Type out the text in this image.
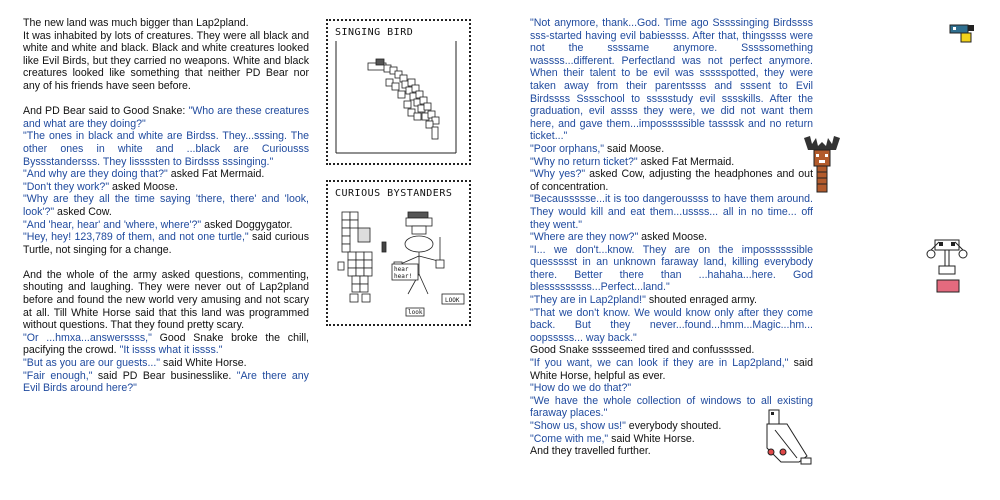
The new land was much bigger than Lap2pland.

It was inhabited by lots of creatures. They were all black and white and white and black. Black and white creatures looked like Evil Birds, but they carried no weapons. White and black creatures looked like something that neither PD Bear nor any of his friends have seen before.

And PD Bear said to Good Snake: "Who are these creatures and what are they doing?"

"The ones in black and white are Birdss. They...sssing. The other ones in white and ...black are Curiousss Byssstandersss. They lissssten to Birdsss sssinging."

"And why are they doing that?" asked Fat Mermaid.

"Don't they work?" asked Moose.

"Why are they all the time saying 'there, there' and 'look, look'?" asked Cow.

"And 'hear, hear' and 'where, where'?" asked Doggygator.

"Hey, hey! 123,789 of them, and not one turtle," said curious Turtle, not singing for a change.

And the whole of the army asked questions, commenting, shouting and laughing. They were never out of Lap2pland before and found the new world very amusing and not scary at all. Till White Horse said that this land was programmed without questions. That they found pretty scary.

"Or ...hmxa...answerssss," Good Snake broke the chill, pacifying the crowd. "It issss what it issss."

"But as you are our guests..." said White Horse.

"Fair enough," said PD Bear businesslike. "Are there any Evil Birds around here?"

"Not anymore, thank...God. Time ago Sssssinging Birdssss sss-started having evil babiessss. After that, thingssss were not the ssssame anymore. Sssssomething wassss...different. Perfectland was not perfect anymore. When their talent to be evil was ssssspotted, they were taken away from their parentssss and sssent to Evil Birdssss Sssschool to ssssstudy evil sssskills. After the graduation, evil assss they were, we did not want them here, and gave them...imposssssible tassssk and no return ticket..."

"Poor orphans," said Moose.

"Why no return ticket?" asked Fat Mermaid.

"Why yes?" asked Cow, adjusting the headphones and out of concentration.

"Becaussssse...it is too dangeroussss to have them around. They would kill and eat them...ussss... all in no time... off they went."

"Where are they now?" asked Moose.

"I... we don't...know. They are on the impossssssible quessssst in an unknown faraway land, killing everybody there. Better there than ...hahaha...here. God blesssssssss...Perfect...land."

"They are in Lap2pland!" shouted enraged army.

"That we don't know. We would know only after they come back. But they never...found...hmm...Magic...hm... oopsssss... way back."

Good Snake sssseemed tired and confussssed.

"If you want, we can look if they are in Lap2pland," said White Horse, helpful as ever.

"How do we do that?"

"We have the whole collection of windows to all existing faraway places."

"Show us, show us!" everybody shouted.

"Come with me," said White Horse.

And they travelled further.

SINGING BIRD
CURIOUS BYSTANDERS
hear
hear!
LOOK
look
